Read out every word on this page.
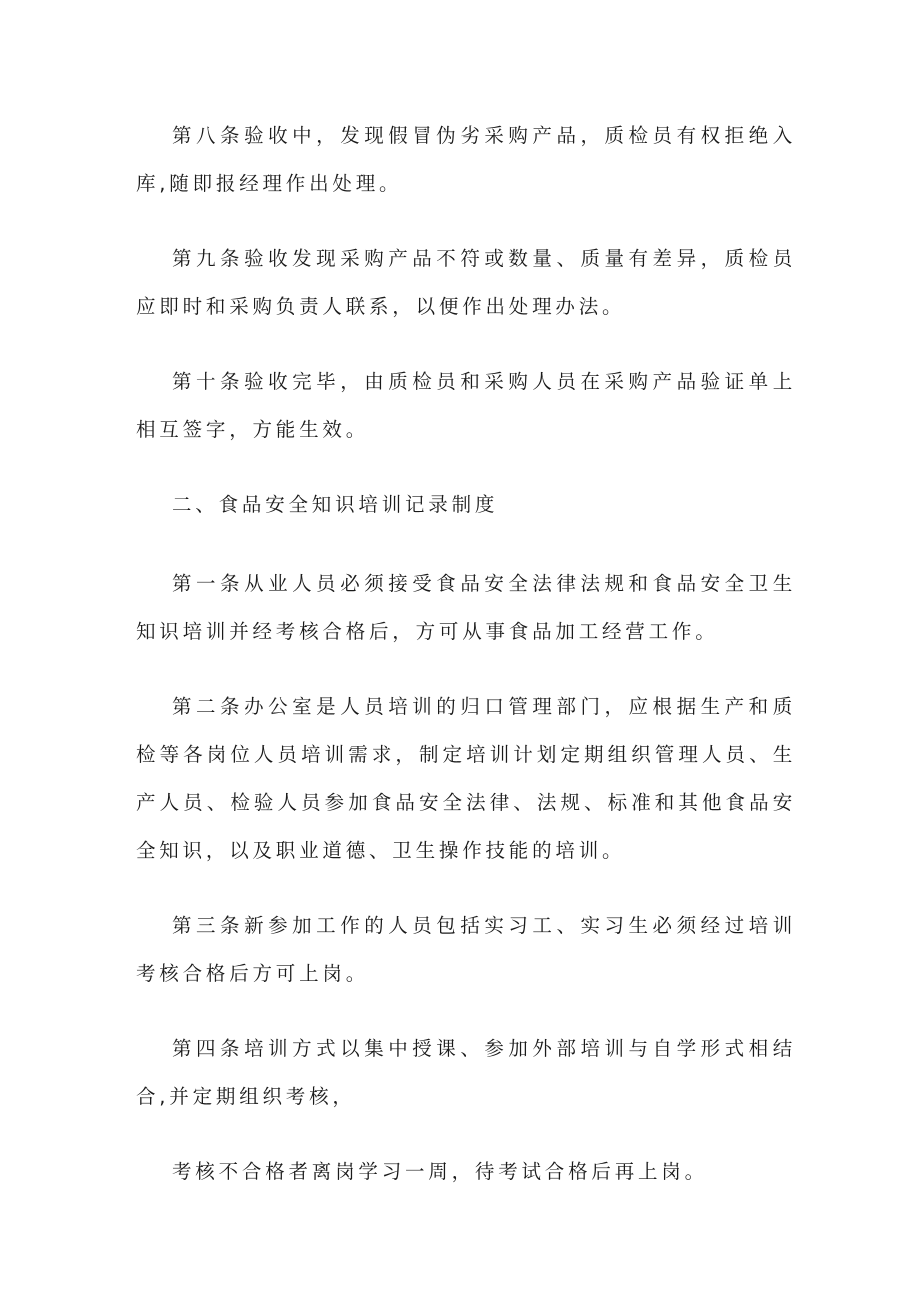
第八条验收中，发现假冒伪劣采购产品，质检员有权拒绝入库,随即报经理作出处理。

第九条验收发现采购产品不符或数量、质量有差异，质检员应即时和采购负责人联系，以便作出处理办法。

第十条验收完毕，由质检员和采购人员在采购产品验证单上相互签字，方能生效。

二、食品安全知识培训记录制度

第一条从业人员必须接受食品安全法律法规和食品安全卫生知识培训并经考核合格后，方可从事食品加工经营工作。

第二条办公室是人员培训的归口管理部门，应根据生产和质检等各岗位人员培训需求，制定培训计划定期组织管理人员、生产人员、检验人员参加食品安全法律、法规、标准和其他食品安全知识，以及职业道德、卫生操作技能的培训。

第三条新参加工作的人员包括实习工、实习生必须经过培训考核合格后方可上岗。

第四条培训方式以集中授课、参加外部培训与自学形式相结合,并定期组织考核，

考核不合格者离岗学习一周，待考试合格后再上岗。
